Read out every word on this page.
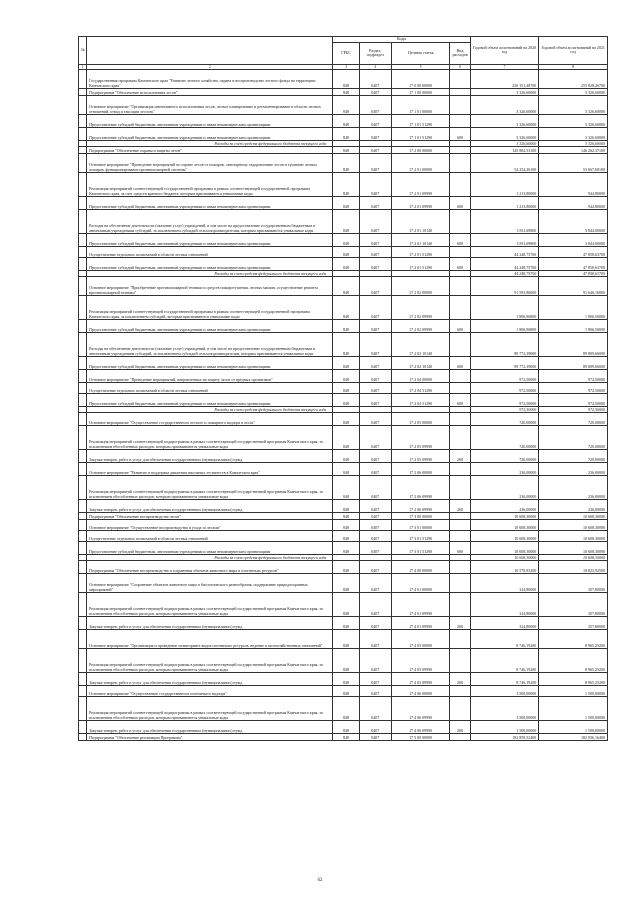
№		Коды				Годовой объем ассигнований на 2020 год	Годовой объем ассигнований на 2021 год
		ГРБС	Раздел, подраздел	Целевая статья	Вид расходов		
1	2	3	4	5	6	7	8
	Государственная программа Камчатского края "Развитие лесного хозяйства, охрана и воспроизводство лесного фонда на территории Камчатского края"	848	0407	17 0 00 00000		250 151,48700	255 828,26700
	Подпрограмма "Обеспечение использования лесов"	848	0407	17 1 00 00000		3 326,60000	3 326,60000
	Основное мероприятие "Организация интенсивного использования лесов, лесное планирование и регламентирование в области лесных отношений, отвод и таксация лесосек"	848	0407	17 1 01 00000		3 326,60000	3 326,60000
	Предоставление субсидий бюджетным, автономным учреждениям и иным некоммерческим организациям	848	0407	17 1 01 51290		3 326,60000	3 326,60000
	Предоставление субсидий бюджетным, автономным учреждениям и иным некоммерческим организациям	848	0407	17 1 01 51290	600	3 326,60000	3 326,60000
	Расходы за счет средств федерального бюджета текущего года					3 326,60000	3 326,60000
	Подпрограмма "Обеспечение охраны и защиты лесов"	848	0407	17 2 00 00000		145 884,53100	146 262,37100
	Основное мероприятие "Проведение мероприятий по охране лесов от пожаров, санитарному оздоровлению лесов и тушению лесных пожаров, функционирование противопожарной системы"	848	0407	17 2 01 00000		54 254,26100	53 667,68100
	Реализация мероприятий соответствующей государственной программы в рамках соответствующей государственной программы Камчатского края, за счет средств краевого бюджета, которым присваиваются уникальные коды	848	0407	17 2 01 09990		1 213,80000	944,80000
	Предоставление субсидий бюджетным, автономным учреждениям и иным некоммерческим организациям	848	0407	17 2 01 09990	600	1 213,80000	944,80000
	Расходы на обеспечение деятельности (оказание услуг) учреждений, в том числе на предоставление государственным бюджетным и автономным учреждениям субсидий, за исключением субсидий сельхозпроизводителям, которым присваиваются уникальные коды	848	0407	17 2 01 10140		3 811,69800	3 844,00000
	Предоставление субсидий бюджетным, автономным учреждениям и иным некоммерческим организациям	848	0407	17 2 01 10140	600	3 811,69800	3 844,00000
	Осуществление отдельных полномочий в области лесных отношений	848	0407	17 2 01 51290		44 248,75700	47 858,63700
	Предоставление субсидий бюджетным, автономным учреждениям и иным некоммерческим организациям	848	0407	17 2 01 51290	600	44 248,75700	47 858,63700
	Расходы за счет средств федерального бюджета текущего года					44 248,75700	47 858,63700
	Основное мероприятие "Приобретение противопожарной техники и средств пожаротушения, лесных машин, осуществление ремонта противопожарной техники"	848	0407	17 2 02 00000		91 593,86000	91 646,16000
	Реализация мероприятий соответствующей государственной программы в рамках соответствующей государственной программы Камчатского края, за исключением субсидий, которым присваиваются уникальные коды	848	0407	17 2 02 09990		1 806,96800	1 806,50000
	Предоставление субсидий бюджетным, автономным учреждениям и иным некоммерческим организациям	848	0407	17 2 02 09990	600	1 806,96800	1 806,50000
	Расходы на обеспечение деятельности (оказание услуг) учреждений, в том числе на предоставление государственным бюджетным и автономным учреждениям субсидий, за исключением субсидий сельхозпроизводителям, которым присваиваются уникальные коды	848	0407	17 2 02 10140		89 772,39000	89 809,66000
	Предоставление субсидий бюджетным, автономным учреждениям и иным некоммерческим организациям	848	0407	17 2 02 10140	600	89 772,39000	89 809,66000
	Основное мероприятие "Проведение мероприятий, направленных на защиту лесов от вредных организмов"	848	0407	17 2 04 00000		972,50000	972,50000
	Осуществление отдельных полномочий в области лесных отношений	848	0407	17 2 04 51290		972,50000	972,50000
	Предоставление субсидий бюджетным, автономным учреждениям и иным некоммерческим организациям	848	0407	17 2 04 51290	600	972,50000	972,50000
	Расходы за счет средств федерального бюджета текущего года					972,50000	972,50000
	Основное мероприятие "Осуществление государственного лесного и пожарного надзора в лесах"	848	0407	17 2 05 00000		720,00000	720,00000
	Реализация мероприятий соответствующей подпрограммы в рамках соответствующей государственной программы Камчатского края, за исключением обособленных расходов, которым присваиваются уникальные коды	848	0407	17 2 05 09990		720,00000	720,00000
	Закупка товаров, работ и услуг для обеспечения государственных (муниципальных) нужд	848	0407	17 2 05 09990	200	720,00000	720,00000
	Основное мероприятие "Развитие и поддержка движения школьных лесничеств в Камчатском крае"	848	0407	17 2 06 00000		236,00000	236,00000
	Реализация мероприятий соответствующей подпрограммы в рамках соответствующей государственной программы Камчатского края, за исключением обособленных расходов, которым присваиваются уникальные коды	848	0407	17 2 06 09990		236,00000	236,00000
	Закупка товаров, работ и услуг для обеспечения государственных (муниципальных) нужд	848	0407	17 2 06 09990	200	236,00000	236,00000
	Подпрограмма "Обеспечение воспроизводства лесов"	848	0407	17 3 00 00000		10 608,30000	10 608,30000
	Основное мероприятие "Осуществление воспроизводства и ухода за лесами"	848	0407	17 3 01 00000		10 608,30000	10 608,30000
	Осуществление отдельных полномочий в области лесных отношений	848	0407	17 3 01 51290		10 608,30000	10 608,30000
	Предоставление субсидий бюджетным, автономным учреждениям и иным некоммерческим организациям	848	0407	17 3 01 51290	600	10 608,30000	10 608,30000
	Расходы за счет средств федерального бюджета текущего года					10 608,30000	10 608,30000
	Подпрограмма "Обеспечение воспроизводства и сохранения объектов животного мира и охотничьих ресурсов"	848	0407	17 4 00 00000		10 570,93200	10 823,92500
	Основное мероприятие "Сохранение объектов животного мира и биологического разнообразия, поддержание природоохранных мероприятий"	848	0407	17 4 01 00000		324,80000	357,80000
	Реализация мероприятий соответствующей подпрограммы в рамках соответствующей государственной программы Камчатского края, за исключением обособленных расходов, которым присваиваются уникальные коды	848	0407	17 4 01 09990		324,80000	357,80000
	Закупка товаров, работ и услуг для обеспечения государственных (муниципальных) нужд	848	0407	17 4 01 09990	200	324,80000	357,80000
	Основное мероприятие "Организация и проведение мониторинга видов охотничьих ресурсов, ведение в охотхозяйственных отношений"	848	0407	17 4 05 00000		8 746,19200	8 965,25200
	Реализация мероприятий соответствующей подпрограммы в рамках соответствующей государственной программы Камчатского края, за исключением обособленных расходов, которым присваиваются уникальные коды	848	0407	17 4 05 09990		8 746,19200	8 965,25200
	Закупка товаров, работ и услуг для обеспечения государственных (муниципальных) нужд	848	0407	17 4 05 09990	200	8 746,19200	8 965,25200
	Основное мероприятие "Осуществление государственного охотничьего надзора"	848	0407	17 4 06 00000		1 500,00000	1 500,00000
	Реализация мероприятий соответствующей подпрограммы в рамках соответствующей государственной программы Камчатского края, за исключением обособленных расходов, которым присваиваются уникальные коды	848	0407	17 4 06 09990		1 500,00000	1 500,00000
	Закупка товаров, работ и услуг для обеспечения государственных (муниципальных) нужд	848	0407	17 4 06 09990	200	1 500,00000	1 500,00000
	Подпрограмма "Обеспечение реализации Программы"	848	0407	17 5 00 00000		182 859,52400	182 836,16400
62
